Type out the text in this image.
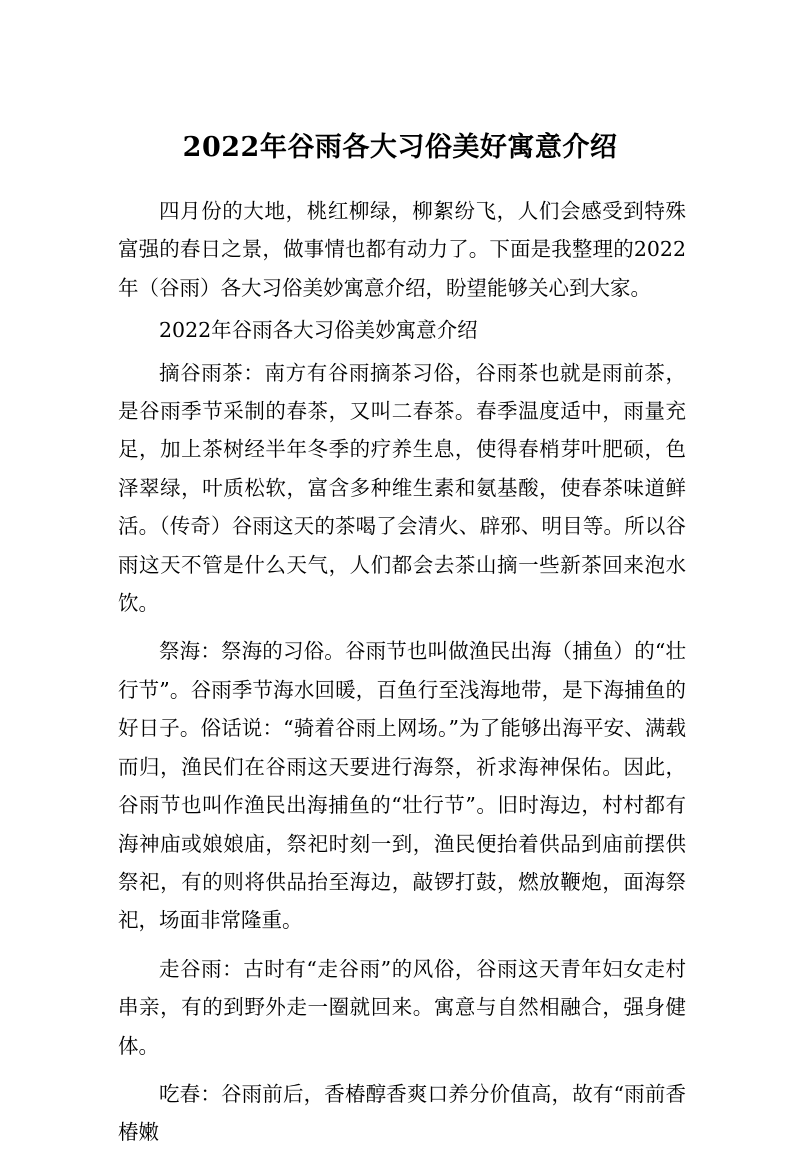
2022年谷雨各大习俗美好寓意介绍

四月份的大地，桃红柳绿，柳絮纷飞，人们会感受到特殊富强的春日之景，做事情也都有动力了。下面是我整理的2022年（谷雨）各大习俗美妙寓意介绍，盼望能够关心到大家。

2022年谷雨各大习俗美妙寓意介绍

摘谷雨茶：南方有谷雨摘茶习俗，谷雨茶也就是雨前茶，是谷雨季节采制的春茶，又叫二春茶。春季温度适中，雨量充足，加上茶树经半年冬季的疗养生息，使得春梢芽叶肥硕，色泽翠绿，叶质松软，富含多种维生素和氨基酸，使春茶味道鲜活。（传奇）谷雨这天的茶喝了会清火、辟邪、明目等。所以谷雨这天不管是什么天气，人们都会去茶山摘一些新茶回来泡水饮。

祭海：祭海的习俗。谷雨节也叫做渔民出海（捕鱼）的“壮行节”。谷雨季节海水回暖，百鱼行至浅海地带，是下海捕鱼的好日子。俗话说：“骑着谷雨上网场。”为了能够出海平安、满载而归，渔民们在谷雨这天要进行海祭，祈求海神保佑。因此，谷雨节也叫作渔民出海捕鱼的“壮行节”。旧时海边，村村都有海神庙或娘娘庙，祭祀时刻一到，渔民便抬着供品到庙前摆供祭祀，有的则将供品抬至海边，敲锣打鼓，燃放鞭炮，面海祭祀，场面非常隆重。

走谷雨：古时有“走谷雨”的风俗，谷雨这天青年妇女走村串亲，有的到野外走一圈就回来。寓意与自然相融合，强身健体。

吃春：谷雨前后，香椿醇香爽口养分价值高，故有“雨前香椿嫩
